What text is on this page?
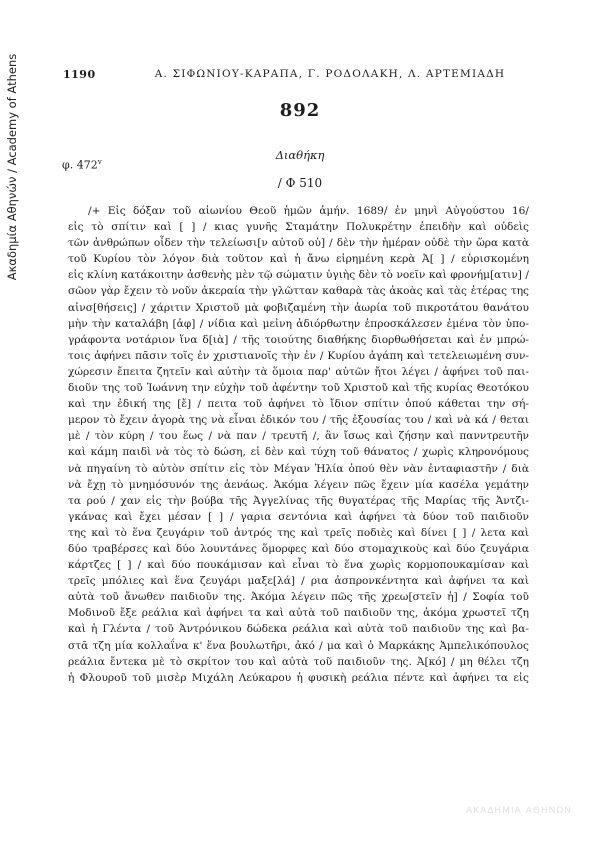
Ακαδημία Αθηνών / Academy of Athens	1190	Α. ΣΙΦΩΝΙΟΥ-ΚΑΡΑΠΑ, Γ. ΡΟΔΟΛΑΚΗ, Λ. ΑΡΤΕΜΙΑΔΗ
892
Διαθήκη
φ. 472$^v$
/ Φ 510
/+ Εἰς δόξαν τοῦ αἰωνίου Θεοῦ ἡμῶν ἀμήν. 1689/ ἐν μηνὶ Αὐγούστου 16/
εἰς τὸ σπίτιν καὶ [ ] / κιας γυνῆς Σταμάτην Πολυκρέτην ἐπειδὴν καὶ οὐδεὶς
τῶν ἀνθρώπων οἶδεν τὴν τελείωσι[ν αὐτοῦ οὐ] / δὲν τὴν ἡμέραν οὐδὲ τὴν ὥρα κατὰ
τοῦ Κυρίου τὸν λόγον διὰ τοῦτον καὶ ἡ ἄνω εἰρημένη κερὰ Ἀ[ ] / εὑρισκομένη
εἰς κλίνη κατάκοιτην ἀσθενὴς μὲν τῷ σώματιν ὑγιὴς δὲν τὸ νοεῖν καὶ φρονήμ[ατιν] /
σῶον γὰρ ἔχειν τὸ νοῦν ἀκεραία τὴν γλῶτταν καθαρὰ τὰς ἀκοὰς καὶ τὰς ἑτέρας της
αἰνσ[θήσεις] / χάριτιν Χριστοῦ μὰ φοβιζαμένη τὴν ἀωρία τοῦ πικροτάτου θανάτου
μὴν τὴν καταλάβη [ἀφ] / νίδια καὶ μεἰνη ἀδιόρθωτην ἐπροσκάλεσεν ἐμένα τὸν ὑπο-
γράφοντα νοτάριον ἵνα δ[ιὰ] / τῆς τοιούτης διαθήκης διορθωθήσεται καὶ ἐν μπρώ-
τοις ἀφήνει πᾶσιν τοῖς ἐν χριστιανοῖς τὴν ἐν / Κυρίου ἀγάπη καὶ τετελειωμένη συν-
χώρεσιν ἔπειτα ζητεῖν καὶ αὐτὴν τὰ ὅμοια παρ' αὐτῶν ἤτοι λέγει / ἀφήνει τοῦ παι-
διοῦν της τοῦ Ἰωάννη την εὐχὴν τοῦ ἀφέντην τοῦ Χριστοῦ καὶ τῆς κυρίας Θεοτόκου
καὶ την ἐδική της [ἔ] / πειτα τοῦ ἀφήνει τὸ ἴδιον σπίτιν ὁπού κάθεται την σή-
μερον τὸ ἔχειν ἀγορὰ της νὰ εἶναι ἐδικόν του / τῆς ἐξουσίας του / καὶ νὰ κά / θεται
μὲ / τὸν κύρη / του ἕως / νὰ παν / τρευτῆ /, ἂν ἴσως καὶ ζήσην καὶ πανντρευτῆν
καὶ κάμη παιδὶ νὰ τὸς τὸ δώση, εἰ δὲν καὶ τύχη τοῦ θάνατος / χωρὶς κληρονόμους
νὰ πηγαίνη τὸ αὐτὸν σπίτιν εἰς τὸν Μέγαν Ἠλία ὁπού θὲν νὰν ἐνταφιαστῆν / διὰ
νὰ ἔχῃ τὸ μνημόσυνόν της ἀενάως. Ἀκόμα λέγειν πῶς ἔχειν μία κασέλα γεμάτην
τα ρού / χαν εἰς τὴν βούβα τῆς Ἀγγελίνας τῆς θυγατέρας τῆς Μαρίας τῆς Ἀντζι-
γκάνας καὶ ἔχει μέσαν [ ] / γαρια σεντόνια καὶ ἀφήνει τὰ δύον τοῦ παιδιοῦν
της καὶ τὸ ἕνα ζευγάριν τοῦ ἀντρός της καὶ τρεῖς ποδιὲς καὶ δίνει [ ] / λετα καὶ
δύο τραβέρσες καὶ δύο λουντάνες ὅμορφες καὶ δύο στομαχικοὺς καὶ δύο ζευγάρια
κάρτζες [ ] / καὶ δύο πουκάμισαν καὶ εἶναι τὸ ἕνα χωρὶς κορμοπουκαμίσαν καὶ
τρεῖς μπόλιες καὶ ἕνα ζευγάρι μαξε[λά] / ρια ἀσπρονκέντητα καὶ ἀφήνει τα καὶ
αὐτὰ τοῦ ἄνωθεν παιδιοῦν της. Ἀκόμα λέγειν πῶς τῆς χρεω[στεῖν ἡ] / Σοφία τοῦ
Μοδινοῦ ἔξε ρεάλια καὶ ἀφήνει τα καὶ αὐτὰ τοῦ παιδιοῦν της, ἀκόμα χρωστεῖ τζη
καὶ ἡ Γλέντα / τοῦ Ἀντρόνικου δώδεκα ρεάλια καὶ αὐτὰ τοῦ παιδιοῦν της καὶ βα-
στᾶ τζη μία κολλαΐνα κ' ἕνα βουλωτῆρι, ἀκό / μα καὶ ὁ Μαρκάκης Ἀμπελικόπουλος
ρεάλια ἔντεκα μὲ τὸ σκρίτον του καὶ αὐτὰ τοῦ παιδιοῦν της. Ἀ[κό] / μη θέλει τζη
ἡ Φλουροῦ τοῦ μισὲρ Μιχάλη Λεύκαρου ἡ φυσικὴ ρεάλια πέντε καὶ ἀφήνει τα εἰς
ΑΚΑΔΗΜΙΑ ΑΘΗΝΩΝ
